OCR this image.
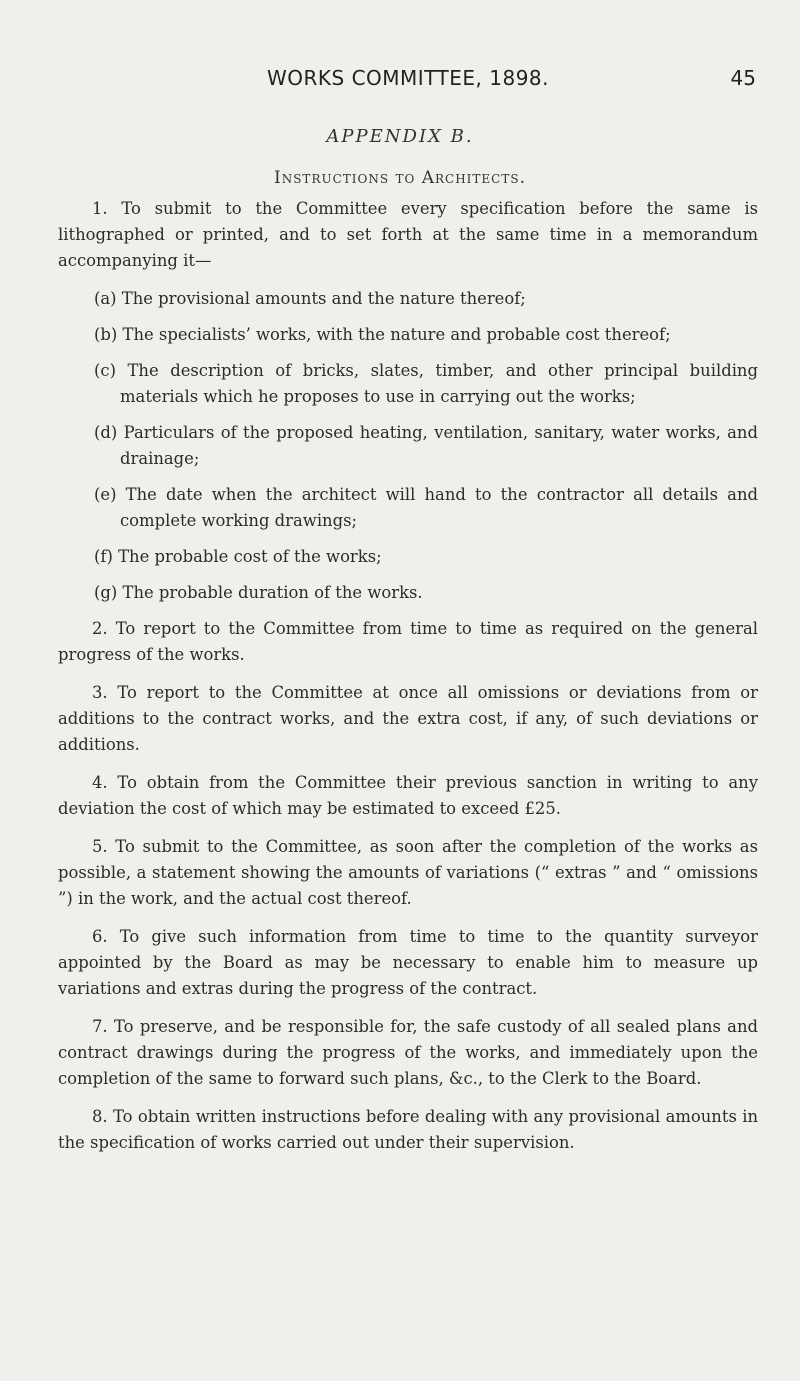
WORKS COMMITTEE, 1898.	45
APPENDIX B.
Instructions to Architects.

1. To submit to the Committee every specification before the same is lithographed or printed, and to set forth at the same time in a memorandum accompanying it—

(a) The provisional amounts and the nature thereof;

(b) The specialists’ works, with the nature and probable cost thereof;

(c) The description of bricks, slates, timber, and other principal building materials which he proposes to use in carrying out the works;

(d) Particulars of the proposed heating, ventilation, sanitary, water works, and drainage;

(e) The date when the architect will hand to the contractor all details and complete working drawings;

(f) The probable cost of the works;

(g) The probable duration of the works.

2. To report to the Committee from time to time as required on the general progress of the works.

3. To report to the Committee at once all omissions or deviations from or additions to the contract works, and the extra cost, if any, of such deviations or additions.

4. To obtain from the Committee their previous sanction in writing to any deviation the cost of which may be estimated to exceed £25.

5. To submit to the Committee, as soon after the completion of the works as possible, a statement showing the amounts of variations (“ extras ” and “ omissions ”) in the work, and the actual cost thereof.

6. To give such information from time to time to the quantity surveyor appointed by the Board as may be necessary to enable him to measure up variations and extras during the progress of the contract.

7. To preserve, and be responsible for, the safe custody of all sealed plans and contract drawings during the progress of the works, and immediately upon the completion of the same to forward such plans, &c., to the Clerk to the Board.

8. To obtain written instructions before dealing with any provisional amounts in the specification of works carried out under their supervision.
